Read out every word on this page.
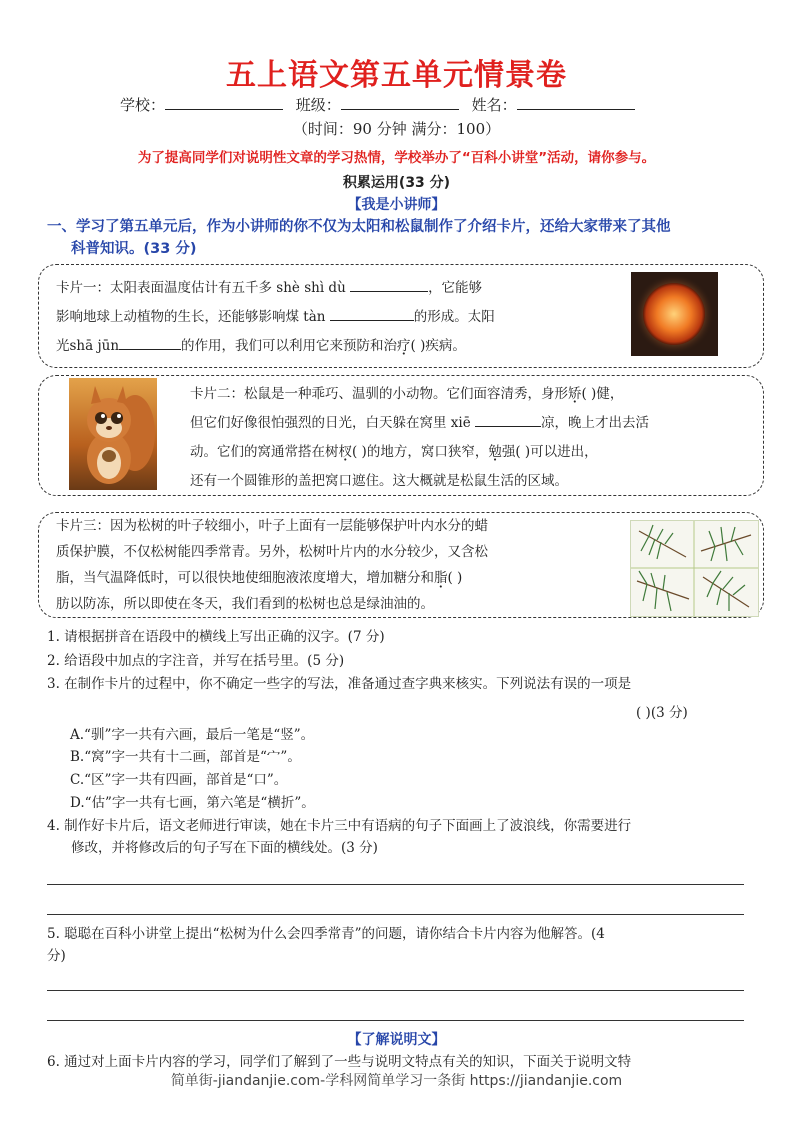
五上语文第五单元情景卷
学校：	班级：	姓名：
（时间：90 分钟 满分：100）
为了提高同学们对说明性文章的学习热情，学校举办了“百科小讲堂”活动，请你参与。
积累运用(33 分)
【我是小讲师】
一、学习了第五单元后，作为小讲师的你不仅为太阳和松鼠制作了介绍卡片，还给大家带来了其他
科普知识。(33 分)
卡片一：太阳表面温度估计有五千多 shè shì dù	，它能够
影响地球上动植物的生长，还能够影响煤 tàn	的形成。太阳
光shā jūn	的作用，我们可以利用它来预防和治疗( )疾病。
卡片二：松鼠是一种乖巧、温驯的小动物。它们面容清秀，身形矫( )健，
但它们好像很怕强烈的日光，白天躲在窝里 xiē	凉，晚上才出去活
动。它们的窝通常搭在树杈( )的地方，窝口狭窄，勉强( )可以进出，
还有一个圆锥形的盖把窝口遮住。这大概就是松鼠生活的区域。
卡片三：因为松树的叶子较细小，叶子上面有一层能够保护叶内水分的蜡
质保护膜，不仅松树能四季常青。另外，松树叶片内的水分较少，又含松
脂，当气温降低时，可以很快地使细胞液浓度增大，增加糖分和脂( )
肪以防冻，所以即使在冬天，我们看到的松树也总是绿油油的。
1. 请根据拼音在语段中的横线上写出正确的汉字。(7 分)
2. 给语段中加点的字注音，并写在括号里。(5 分)
3. 在制作卡片的过程中，你不确定一些字的写法，准备通过查字典来核实。下列说法有误的一项是
( )(3 分)
A.“驯”字一共有六画，最后一笔是“竖”。
B.“窝”字一共有十二画，部首是“宀”。
C.“区”字一共有四画，部首是“口”。
D.“估”字一共有七画，第六笔是“横折”。
4. 制作好卡片后，语文老师进行审读，她在卡片三中有语病的句子下面画上了波浪线，你需要进行
修改，并将修改后的句子写在下面的横线处。(3 分)
5. 聪聪在百科小讲堂上提出“松树为什么会四季常青”的问题，请你结合卡片内容为他解答。(4
分)
【了解说明文】
6. 通过对上面卡片内容的学习，同学们了解到了一些与说明文特点有关的知识，下面关于说明文特
简单街-jiandanjie.com-学科网简单学习一条街 https://jiandanjie.com
